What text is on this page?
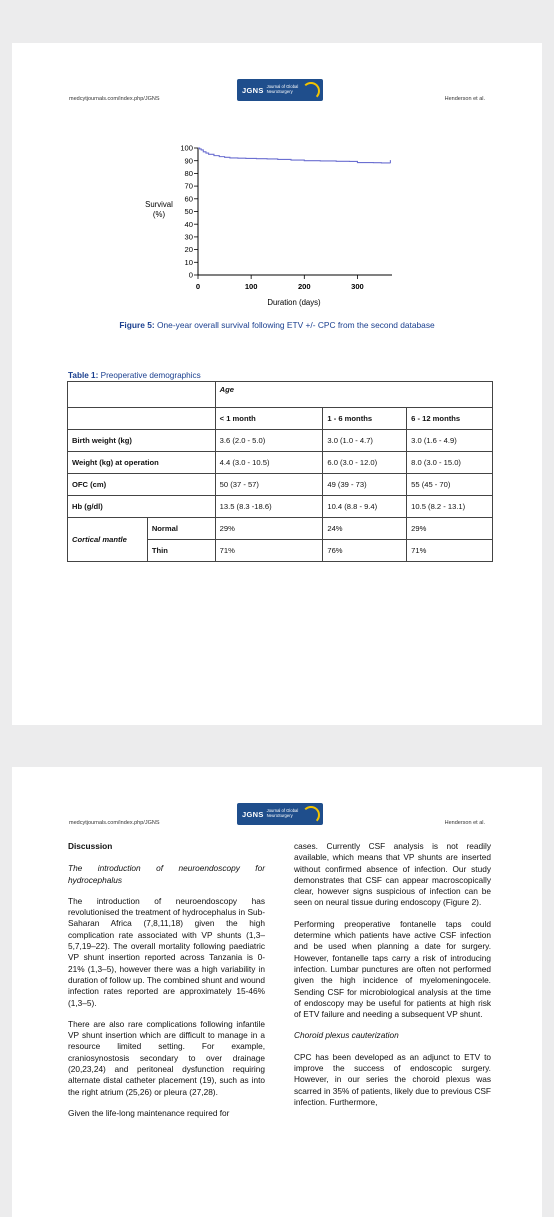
medcytjournals.com/index.php/JGNS
JGNS Journal of Global
NeuroSurgery
Henderson et al.
0
10
20
30
40
50
60
70
80
90
100
0	100	200	300
Survival
(%)
Duration (days)
Figure 5: One-year overall survival following ETV +/- CPC from the second database
Table 1: Preoperative demographics
		Age		
		< 1 month	1 - 6 months	6 - 12 months
Birth weight (kg)		3.6 (2.0 - 5.0)	3.0 (1.0 - 4.7)	3.0 (1.6 - 4.9)
Weight (kg) at operation		4.4 (3.0 - 10.5)	6.0 (3.0 - 12.0)	8.0 (3.0 - 15.0)
OFC (cm)		50 (37 - 57)	49 (39 - 73)	55 (45 - 70)
Hb (g/dl)		13.5 (8.3 -18.6)	10.4 (8.8 - 9.4)	10.5 (8.2 - 13.1)
Cortical mantle	Normal	29%	24%	29%
	Thin	71%	76%	71%
medcytjournals.com/index.php/JGNS
JGNS Journal of Global
NeuroSurgery
Henderson et al.

Discussion

The introduction of neuroendoscopy for hydrocephalus

The introduction of neuroendoscopy has revolutionised the treatment of hydrocephalus in Sub-Saharan Africa (7,8,11,18) given the high complication rate associated with VP shunts (1,3–5,7,19–22). The overall mortality following paediatric VP shunt insertion reported across Tanzania is 0-21% (1,3–5), however there was a high variability in duration of follow up. The combined shunt and wound infection rates reported are approximately 15-46% (1,3–5).

There are also rare complications following infantile VP shunt insertion which are difficult to manage in a resource limited setting. For example, craniosynostosis secondary to over drainage (20,23,24) and peritoneal dysfunction requiring alternate distal catheter placement (19), such as into the right atrium (25,26) or pleura (27,28).

Given the life-long maintenance required for

cases. Currently CSF analysis is not readily available, which means that VP shunts are inserted without confirmed absence of infection. Our study demonstrates that CSF can appear macroscopically clear, however signs suspicious of infection can be seen on neural tissue during endoscopy (Figure 2).

Performing preoperative fontanelle taps could determine which patients have active CSF infection and be used when planning a date for surgery. However, fontanelle taps carry a risk of introducing infection. Lumbar punctures are often not performed given the high incidence of myelomeningocele. Sending CSF for microbiological analysis at the time of endoscopy may be useful for patients at high risk of ETV failure and needing a subsequent VP shunt.

Choroid plexus cauterization

CPC has been developed as an adjunct to ETV to improve the success of endoscopic surgery. However, in our series the choroid plexus was scarred in 35% of patients, likely due to previous CSF infection. Furthermore,
